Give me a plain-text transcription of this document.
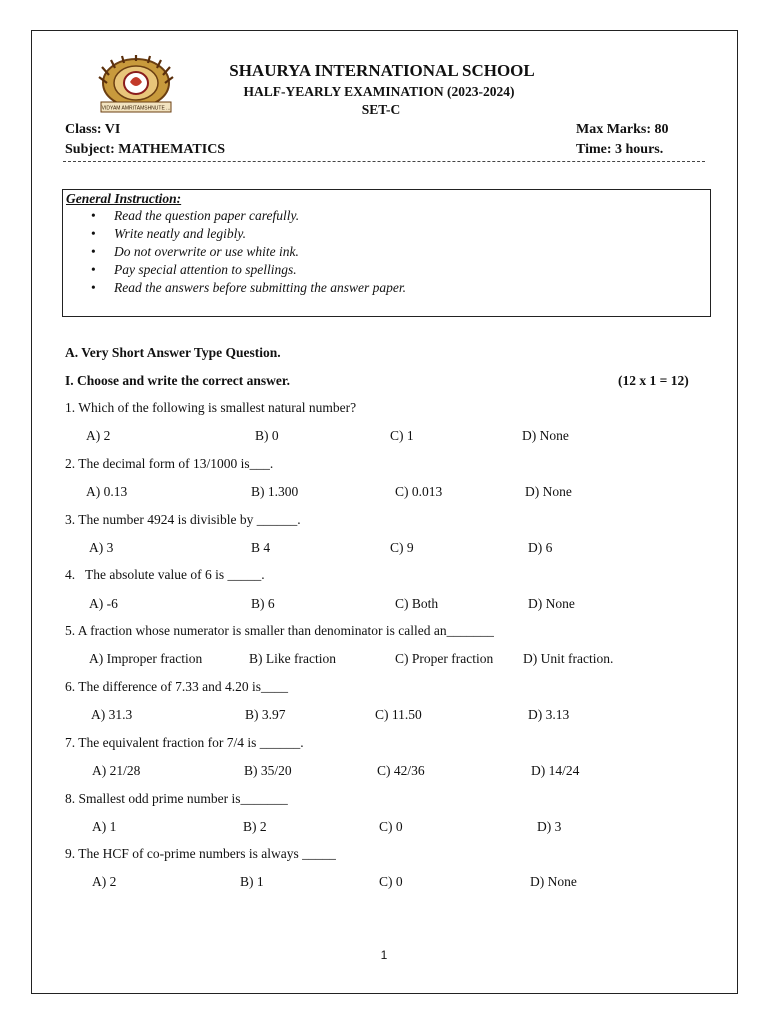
VIDYAM AMRITAMSHNUTE ...
SHAURYA INTERNATIONAL SCHOOL
HALF-YEARLY EXAMINATION (2023-2024)
SET-C
Class: VI
Subject: MATHEMATICS
Max Marks: 80
Time: 3 hours.
General Instruction:
• Read the question paper carefully.
• Write neatly and legibly.
• Do not overwrite or use white ink.
• Pay special attention to spellings.
• Read the answers before submitting the answer paper.
A. Very Short Answer Type Question.
I. Choose and write the correct answer.	(12 x 1 = 12)
1. Which of the following is smallest natural number?
A) 2	B) 0	C) 1	D) None
2. The decimal form of 13/1000 is___.
A) 0.13	B) 1.300	C) 0.013	D) None
3. The number 4924 is divisible by ______.
A) 3	B 4	C) 9	D) 6
4.   The absolute value of 6 is _____.
A) -6	B) 6	C) Both	D) None
5. A fraction whose numerator is smaller than denominator is called an_______
A) Improper fraction	B) Like fraction	C) Proper fraction D) Unit fraction.
6. The difference of 7.33 and 4.20 is____
A) 31.3	B) 3.97	C) 11.50	D) 3.13
7. The equivalent fraction for 7/4 is ______.
A) 21/28	B) 35/20	C) 42/36	D) 14/24
8. Smallest odd prime number is_______
A) 1	B) 2	C) 0	D) 3
9. The HCF of co-prime numbers is always _____
A) 2	B) 1	C) 0	D) None
1
